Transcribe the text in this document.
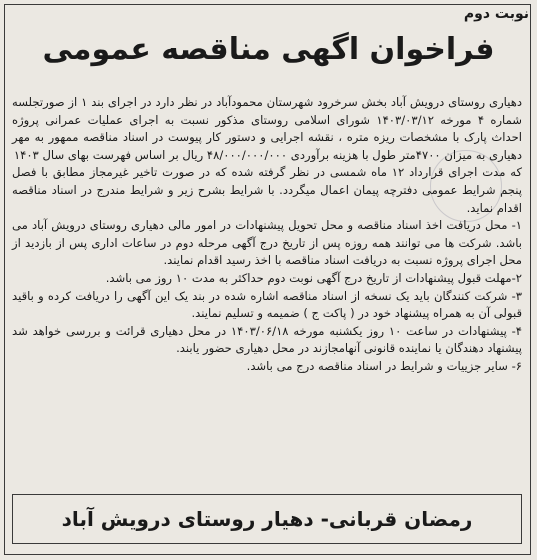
نوبت دوم
فراخوان اگهی مناقصه عمومی

دهیاری روستای درویش آباد بخش سرخرود شهرستان محمودآباد در نظر دارد در اجرای بند ۱ از صورتجلسه شماره ۴ مورخه ۱۴۰۳/۰۳/۱۲ شورای اسلامی روستای مذکور نسبت به اجرای عملیات عمرانی پروژه احداث پارک با مشخصات ریزه متره ، نقشه اجرایی و دستور کار پیوست در اسناد مناقصه ممهور به مهر دهیاری به میزان ۴۷۰۰متر طول با هزینه برآوردی ۴۸/۰۰۰/۰۰۰/۰۰۰ ریال بر اساس فهرست بهای سال ۱۴۰۳

که مدت اجرای قرارداد ۱۲ ماه شمسی در نظر گرفته شده که در صورت تاخیر غیرمجاز مطابق با فصل پنجم شرایط عمومی دفترچه پیمان اعمال میگردد. با شرایط بشرح زیر و شرایط مندرج در اسناد مناقصه اقدام نماید.

۱- محل دریافت اخذ اسناد مناقصه و محل تحویل پیشنهادات در امور مالی دهیاری روستای درویش آباد می باشد. شرکت ها می توانند همه روزه پس از تاریخ درج آگهی مرحله دوم در ساعات اداری پس از بازدید از محل اجرای پروژه نسبت به دریافت اسناد مناقصه با اخذ رسید اقدام نمایند.

۲-مهلت قبول پیشنهادات از تاریخ درج آگهی نوبت دوم حداکثر به مدت ۱۰ روز می باشد.

۳- شرکت کنندگان باید یک نسخه از اسناد مناقصه اشاره شده در بند یک این آگهی را دریافت کرده و باقید قبولی آن به همراه پیشنهاد خود در ( پاکت ج ) ضمیمه و تسلیم نمایند.

۴- پیشنهادات در ساعت ۱۰ روز یکشنبه مورخه ۱۴۰۳/۰۶/۱۸ در محل دهیاری قرائت و بررسی خواهد شد پیشنهاد دهندگان یا نماینده قانونی آنهامجازند در محل دهیاری حضور یابند.

۶- سایر جزییات و شرایط در اسناد مناقصه درج می باشد.

رمضان قربانی- دهیار روستای درویش آباد
